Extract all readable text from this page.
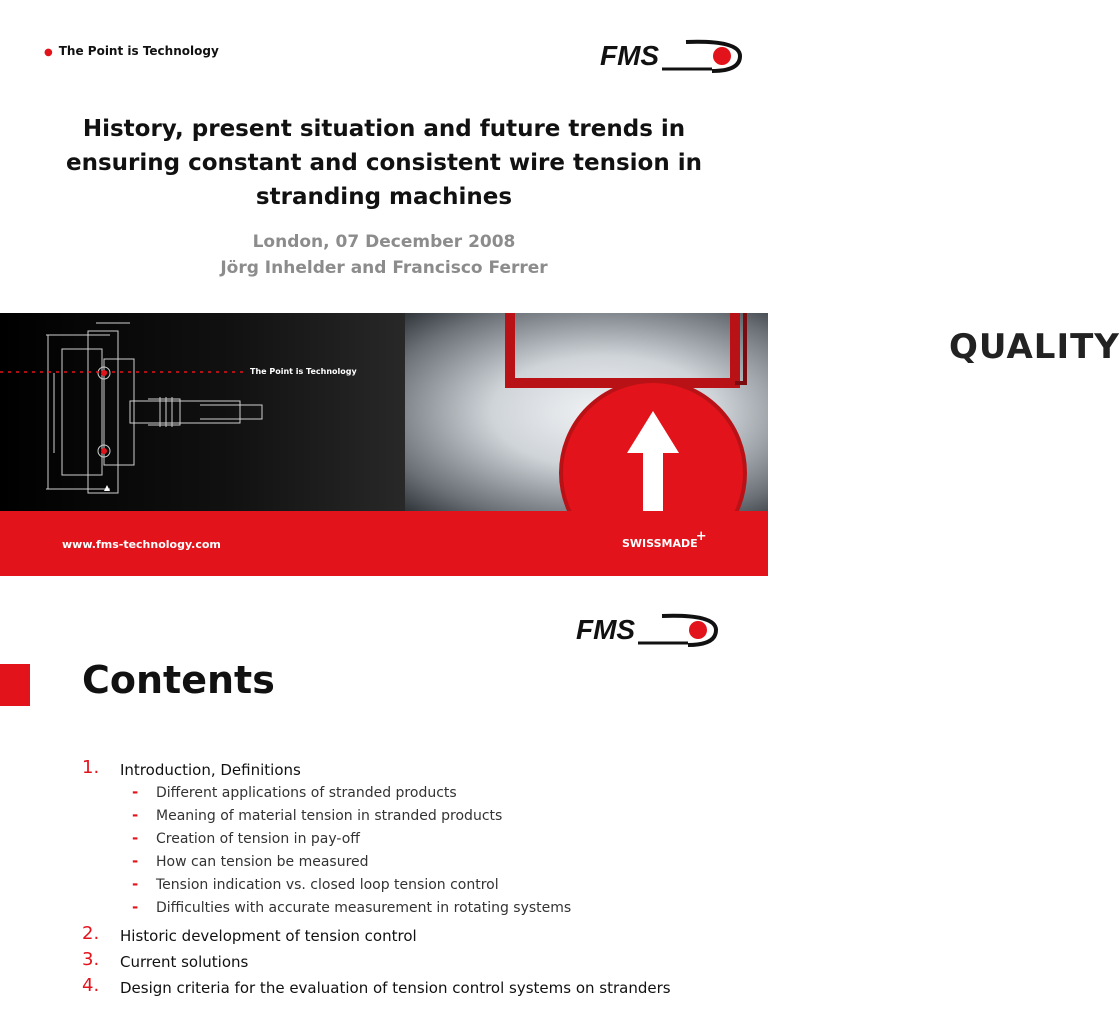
● The Point is Technology	FMS
History, present situation and future trends in ensuring constant and consistent wire tension in stranding machines
London, 07 December 2008
Jörg Inhelder and Francisco Ferrer
QUALITY
The Point is Technology
www.fms-technology.com	SWISSMADE
+
FMS
Contents
1. Introduction, Definitions
- Different applications of stranded products
- Meaning of material tension in stranded products
- Creation of tension in pay-off
- How can tension be measured
- Tension indication vs. closed loop tension control
- Difficulties with accurate measurement in rotating systems
2. Historic development of tension control
3. Current solutions
4. Design criteria for the evaluation of tension control systems on stranders
